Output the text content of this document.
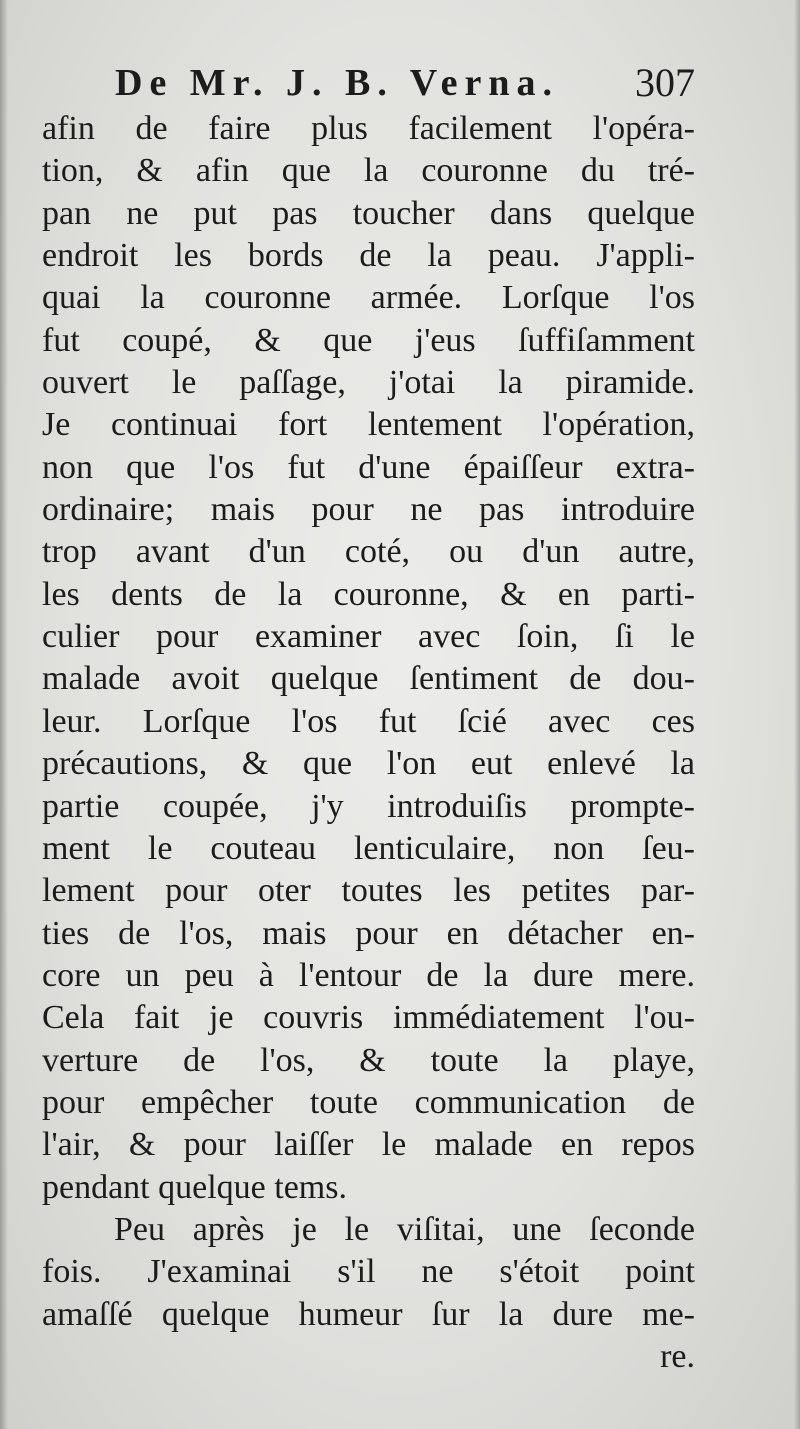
De Mr. J. B. Verna. 307
afin de faire plus facilement l'opéra-
tion, & afin que la couronne du tré-
pan ne put pas toucher dans quelque
endroit les bords de la peau. J'appli-
quai la couronne armée. Lorſque l'os
fut coupé, & que j'eus ſuffiſamment
ouvert le paſſage, j'otai la piramide.
Je continuai fort lentement l'opération,
non que l'os fut d'une épaiſſeur extra-
ordinaire; mais pour ne pas introduire
trop avant d'un coté, ou d'un autre,
les dents de la couronne, & en parti-
culier pour examiner avec ſoin, ſi le
malade avoit quelque ſentiment de dou-
leur. Lorſque l'os fut ſcié avec ces
précautions, & que l'on eut enlevé la
partie coupée, j'y introduiſis prompte-
ment le couteau lenticulaire, non ſeu-
lement pour oter toutes les petites par-
ties de l'os, mais pour en détacher en-
core un peu à l'entour de la dure mere.
Cela fait je couvris immédiatement l'ou-
verture de l'os, & toute la playe,
pour empêcher toute communication de
l'air, & pour laiſſer le malade en repos
pendant quelque tems.
Peu après je le viſitai, une ſeconde
fois. J'examinai s'il ne s'étoit point
amaſſé quelque humeur ſur la dure me-
re.
